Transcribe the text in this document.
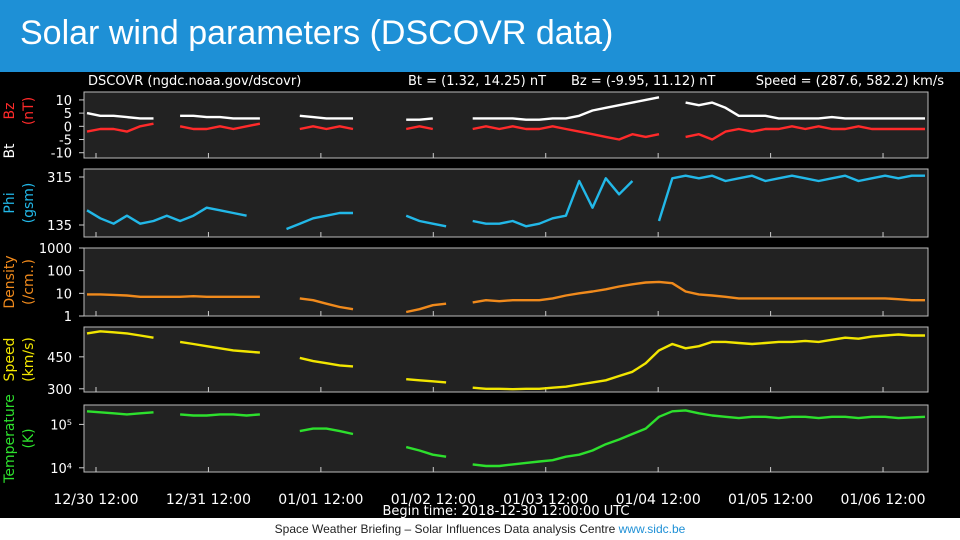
Solar wind parameters (DSCOVR data)
DSCOVR (ngdc.noaa.gov/dscovr)	Bt = (1.32, 14.25) nT Bz = (-9.95, 11.12) nT	Speed = (287.6, 582.2) km/s
10
5
0
-5
-10
Bt
Bz (nT)
315
135
Phi (gsm)
1000
100
10
1
Density (/cm..)
450
300
Speed (km/s)
10⁵
10⁴
Temperature (K)
12/30 12:00 12/31 12:00 01/01 12:00 01/02 12:00 01/03 12:00 01/04 12:00 01/05 12:00 01/06 12:00
Begin time: 2018-12-30 12:00:00 UTC
Space Weather Briefing – Solar Influences Data analysis Centre www.sidc.be
